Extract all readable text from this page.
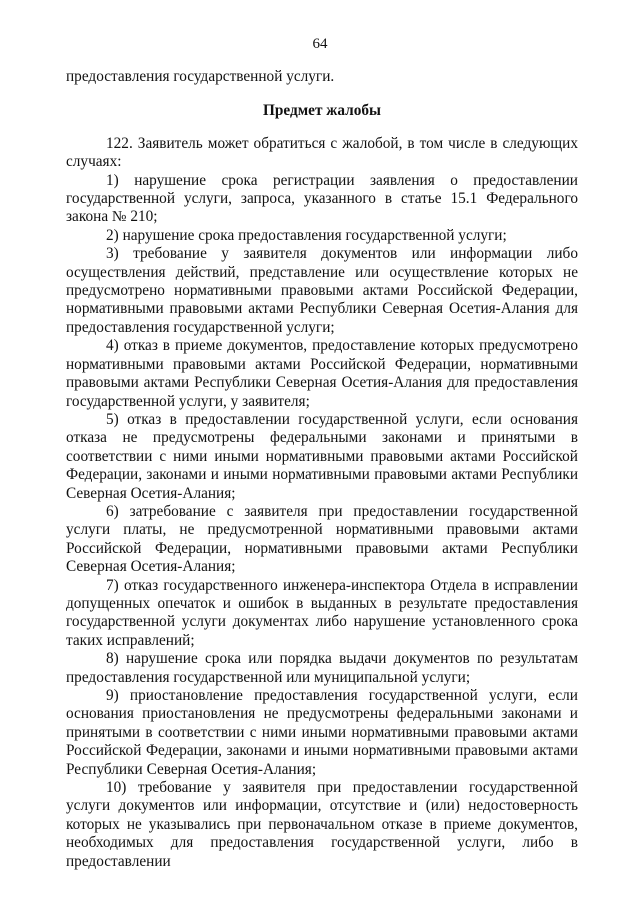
64

предоставления государственной услуги.

Предмет жалобы

122. Заявитель может обратиться с жалобой, в том числе в следующих случаях:

1) нарушение срока регистрации заявления о предоставлении государственной услуги, запроса, указанного в статье 15.1 Федерального закона № 210;

2) нарушение срока предоставления государственной услуги;

3) требование у заявителя документов или информации либо осуществления действий, представление или осуществление которых не предусмотрено нормативными правовыми актами Российской Федерации, нормативными правовыми актами Республики Северная Осетия-Алания для предоставления государственной услуги;

4) отказ в приеме документов, предоставление которых предусмотрено нормативными правовыми актами Российской Федерации, нормативными правовыми актами Республики Северная Осетия-Алания для предоставления государственной услуги, у заявителя;

5) отказ в предоставлении государственной услуги, если основания отказа не предусмотрены федеральными законами и принятыми в соответствии с ними иными нормативными правовыми актами Российской Федерации, законами и иными нормативными правовыми актами Республики Северная Осетия-Алания;

6) затребование с заявителя при предоставлении государственной услуги платы, не предусмотренной нормативными правовыми актами Российской Федерации, нормативными правовыми актами Республики Северная Осетия-Алания;

7) отказ государственного инженера-инспектора Отдела в исправлении допущенных опечаток и ошибок в выданных в результате предоставления государственной услуги документах либо нарушение установленного срока таких исправлений;

8) нарушение срока или порядка выдачи документов по результатам предоставления государственной или муниципальной услуги;

9) приостановление предоставления государственной услуги, если основания приостановления не предусмотрены федеральными законами и принятыми в соответствии с ними иными нормативными правовыми актами Российской Федерации, законами и иными нормативными правовыми актами Республики Северная Осетия-Алания;

10) требование у заявителя при предоставлении государственной услуги документов или информации, отсутствие и (или) недостоверность которых не указывались при первоначальном отказе в приеме документов, необходимых для предоставления государственной услуги, либо в предоставлении
